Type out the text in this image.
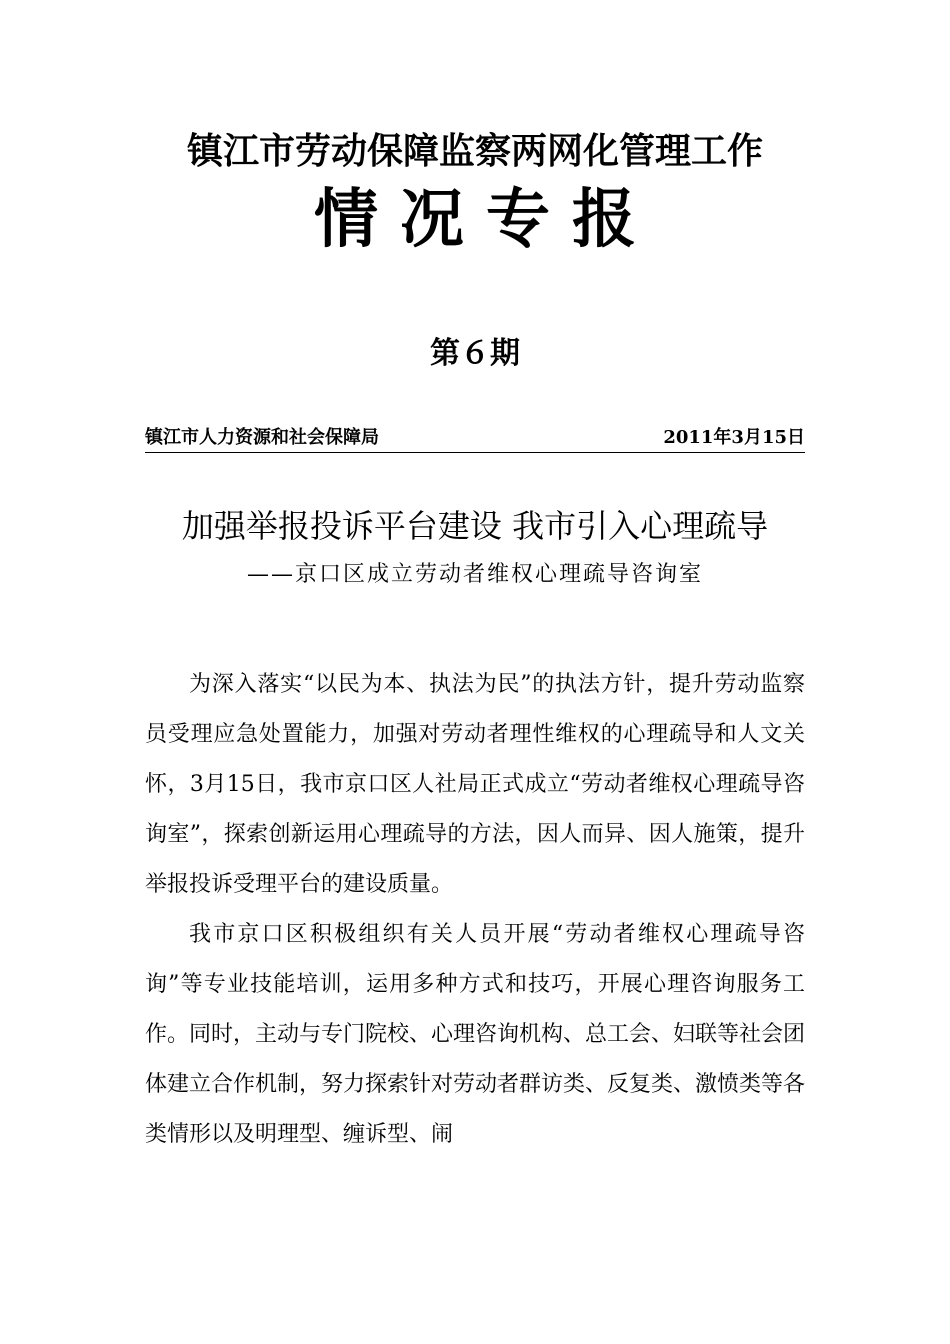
镇江市劳动保障监察两网化管理工作
情况专报
第６期
镇江市人力资源和社会保障局	2011年3月15日
加强举报投诉平台建设 我市引入心理疏导
——京口区成立劳动者维权心理疏导咨询室

为深入落实“以民为本、执法为民”的执法方针，提升劳动监察员受理应急处置能力，加强对劳动者理性维权的心理疏导和人文关怀，3月15日，我市京口区人社局正式成立“劳动者维权心理疏导咨询室”，探索创新运用心理疏导的方法，因人而异、因人施策，提升举报投诉受理平台的建设质量。

我市京口区积极组织有关人员开展“劳动者维权心理疏导咨询”等专业技能培训，运用多种方式和技巧，开展心理咨询服务工作。同时，主动与专门院校、心理咨询机构、总工会、妇联等社会团体建立合作机制，努力探索针对劳动者群访类、反复类、激愤类等各类情形以及明理型、缠诉型、闹
